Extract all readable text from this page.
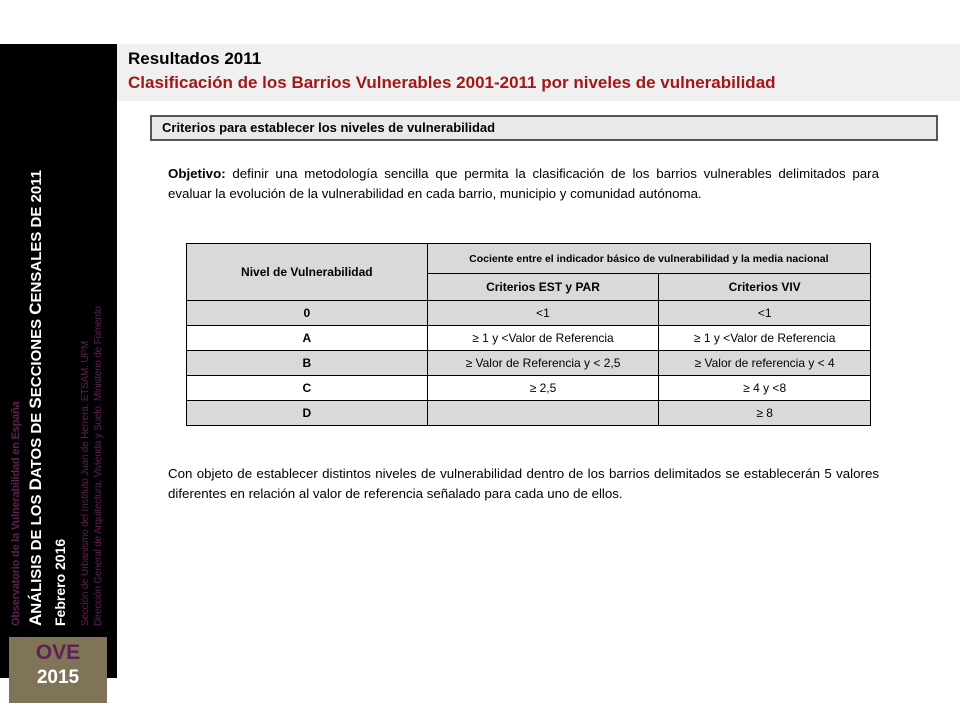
Observatorio de la Vulnerabilidad en España ANÁLISIS DE LOS DATOS DE SECCIONES CENSALES DE 2011
Febrero 2016 Sección de Urbanismo del Instituto Juan de Herrera. ETSAM. UPM Dirección General de Arquitectura, Vivienda y Suelo. Ministerio de Fomento
OVE
2015
Resultados 2011
Clasificación de los Barrios Vulnerables 2001-2011 por niveles de vulnerabilidad
Criterios para establecer los niveles de vulnerabilidad
Objetivo: definir una metodología sencilla que permita la clasificación de los barrios vulnerables delimitados para evaluar la evolución de la vulnerabilidad en cada barrio, municipio y comunidad autónoma.
Nivel de Vulnerabilidad	Cociente entre el indicador básico de vulnerabilidad y la media nacional	
	Criterios EST y PAR	Criterios VIV
0	<1	<1
A	≥ 1 y <Valor de Referencia	≥ 1 y <Valor de Referencia
B	≥ Valor de Referencia y < 2,5	≥ Valor de referencia y < 4
C	≥ 2,5	≥ 4 y <8
D		≥ 8
Con objeto de establecer distintos niveles de vulnerabilidad dentro de los barrios delimitados se establecerán 5 valores diferentes en relación al valor de referencia señalado para cada uno de ellos.
